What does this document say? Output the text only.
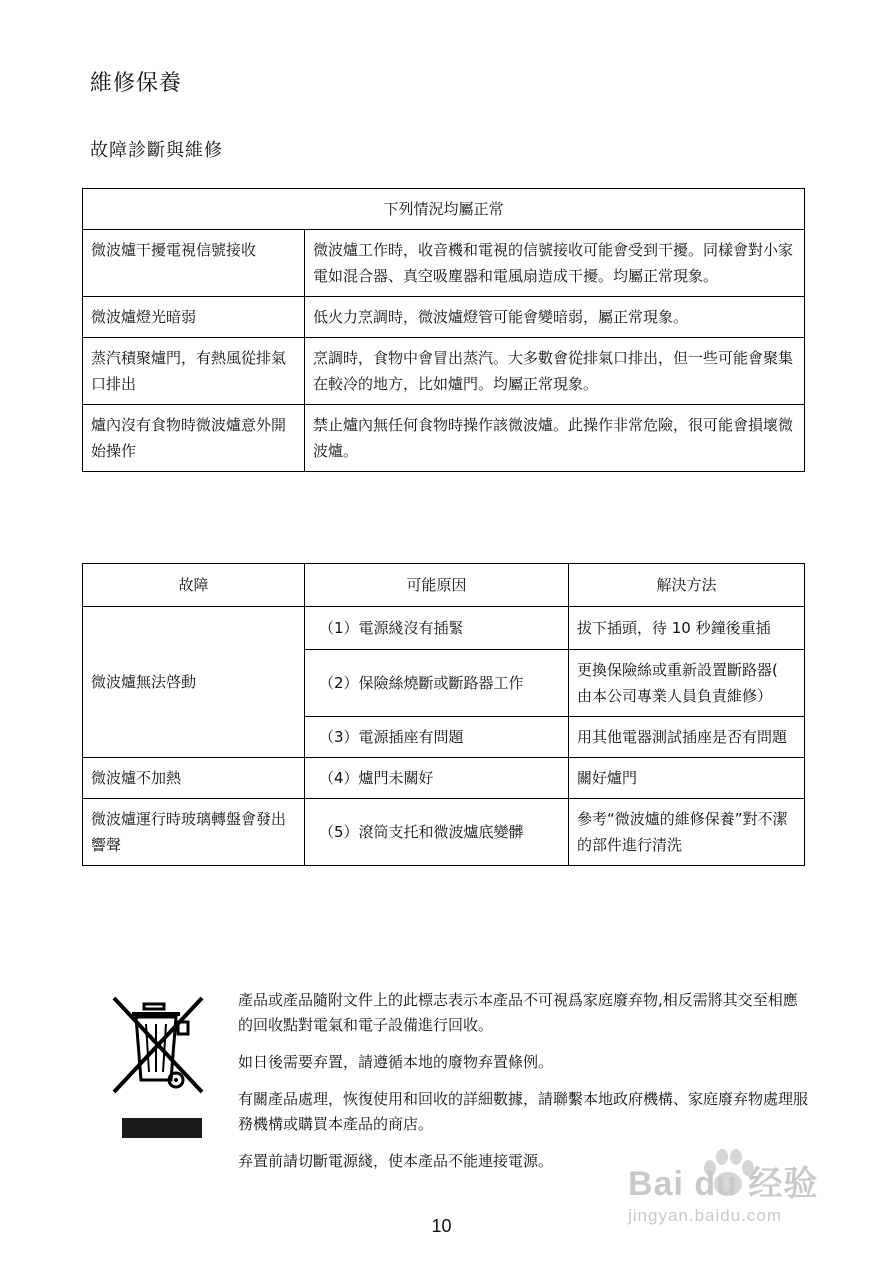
維修保養
故障診斷與維修
下列情況均屬正常	
微波爐干擾電視信號接收	微波爐工作時，收音機和電視的信號接收可能會受到干擾。同樣會對小家電如混合器、真空吸塵器和電風扇造成干擾。均屬正常現象。
微波爐燈光暗弱	低火力烹調時，微波爐燈管可能會變暗弱，屬正常現象。
蒸汽積聚爐門，有熱風從排氣口排出	烹調時，食物中會冒出蒸汽。大多數會從排氣口排出，但一些可能會聚集在較冷的地方，比如爐門。均屬正常現象。
爐內沒有食物時微波爐意外開始操作	禁止爐內無任何食物時操作該微波爐。此操作非常危險，很可能會損壞微波爐。
故障	可能原因	解決方法
微波爐無法啓動	（1）電源綫沒有插緊	拔下插頭，待 10 秒鐘後重插
	（2）保險絲燒斷或斷路器工作	更換保險絲或重新設置斷路器( 由本公司專業人員負責維修）
	（3）電源插座有問題	用其他電器測試插座是否有問題
微波爐不加熱	（4）爐門未關好	關好爐門
微波爐運行時玻璃轉盤會發出響聲	（5）滾筒支托和微波爐底變髒	參考“微波爐的維修保養”對不潔的部件進行清洗

產品或產品隨附文件上的此標志表示本產品不可視爲家庭廢弃物,相反需將其交至相應的回收點對電氣和電子設備進行回收。

如日後需要弃置，請遵循本地的廢物弃置條例。

有關產品處理，恢復使用和回收的詳細數據，請聯繫本地政府機構、家庭廢弃物處理服務機構或購買本產品的商店。

弃置前請切斷電源綫，使本產品不能連接電源。

Bai du 经验
jingyan.baidu.com
10
